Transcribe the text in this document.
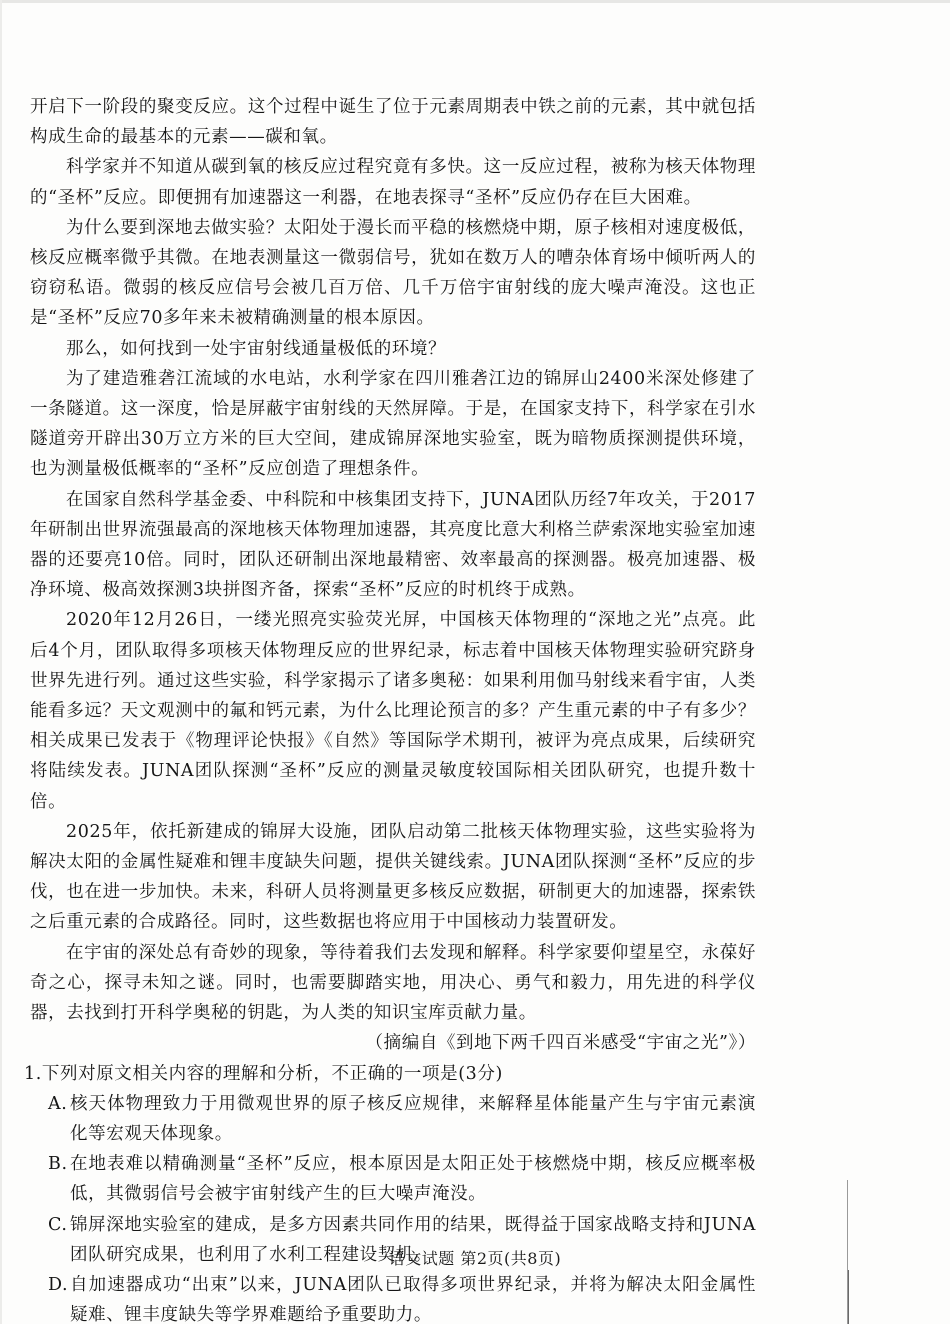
开启下一阶段的聚变反应。这个过程中诞生了位于元素周期表中铁之前的元素，其中就包括构成生命的最基本的元素——碳和氧。

科学家并不知道从碳到氧的核反应过程究竟有多快。这一反应过程，被称为核天体物理的“圣杯”反应。即便拥有加速器这一利器，在地表探寻“圣杯”反应仍存在巨大困难。

为什么要到深地去做实验？太阳处于漫长而平稳的核燃烧中期，原子核相对速度极低，核反应概率微乎其微。在地表测量这一微弱信号，犹如在数万人的嘈杂体育场中倾听两人的窃窃私语。微弱的核反应信号会被几百万倍、几千万倍宇宙射线的庞大噪声淹没。这也正是“圣杯”反应70多年来未被精确测量的根本原因。

那么，如何找到一处宇宙射线通量极低的环境？

为了建造雅砻江流域的水电站，水利学家在四川雅砻江边的锦屏山2400米深处修建了一条隧道。这一深度，恰是屏蔽宇宙射线的天然屏障。于是，在国家支持下，科学家在引水隧道旁开辟出30万立方米的巨大空间，建成锦屏深地实验室，既为暗物质探测提供环境，也为测量极低概率的“圣杯”反应创造了理想条件。

在国家自然科学基金委、中科院和中核集团支持下，JUNA团队历经7年攻关，于2017年研制出世界流强最高的深地核天体物理加速器，其亮度比意大利格兰萨索深地实验室加速器的还要亮10倍。同时，团队还研制出深地最精密、效率最高的探测器。极亮加速器、极净环境、极高效探测3块拼图齐备，探索“圣杯”反应的时机终于成熟。

2020年12月26日，一缕光照亮实验荧光屏，中国核天体物理的“深地之光”点亮。此后4个月，团队取得多项核天体物理反应的世界纪录，标志着中国核天体物理实验研究跻身世界先进行列。通过这些实验，科学家揭示了诸多奥秘：如果利用伽马射线来看宇宙，人类能看多远？天文观测中的氟和钙元素，为什么比理论预言的多？产生重元素的中子有多少？相关成果已发表于《物理评论快报》《自然》等国际学术期刊，被评为亮点成果，后续研究将陆续发表。JUNA团队探测“圣杯”反应的测量灵敏度较国际相关团队研究，也提升数十倍。

2025年，依托新建成的锦屏大设施，团队启动第二批核天体物理实验，这些实验将为解决太阳的金属性疑难和锂丰度缺失问题，提供关键线索。JUNA团队探测“圣杯”反应的步伐，也在进一步加快。未来，科研人员将测量更多核反应数据，研制更大的加速器，探索铁之后重元素的合成路径。同时，这些数据也将应用于中国核动力装置研发。

在宇宙的深处总有奇妙的现象，等待着我们去发现和解释。科学家要仰望星空，永葆好奇之心，探寻未知之谜。同时，也需要脚踏实地，用决心、勇气和毅力，用先进的科学仪器，去找到打开科学奥秘的钥匙，为人类的知识宝库贡献力量。

（摘编自《到地下两千四百米感受“宇宙之光”》）

1.下列对原文相关内容的理解和分析，不正确的一项是(3分)

A. 核天体物理致力于用微观世界的原子核反应规律，来解释星体能量产生与宇宙元素演化等宏观天体现象。
B. 在地表难以精确测量“圣杯”反应，根本原因是太阳正处于核燃烧中期，核反应概率极低，其微弱信号会被宇宙射线产生的巨大噪声淹没。
C. 锦屏深地实验室的建成，是多方因素共同作用的结果，既得益于国家战略支持和JUNA团队研究成果，也利用了水利工程建设契机。
D. 自加速器成功“出束”以来，JUNA团队已取得多项世界纪录，并将为解决太阳金属性疑难、锂丰度缺失等学界难题给予重要助力。
语文试题 第2页(共8页)
